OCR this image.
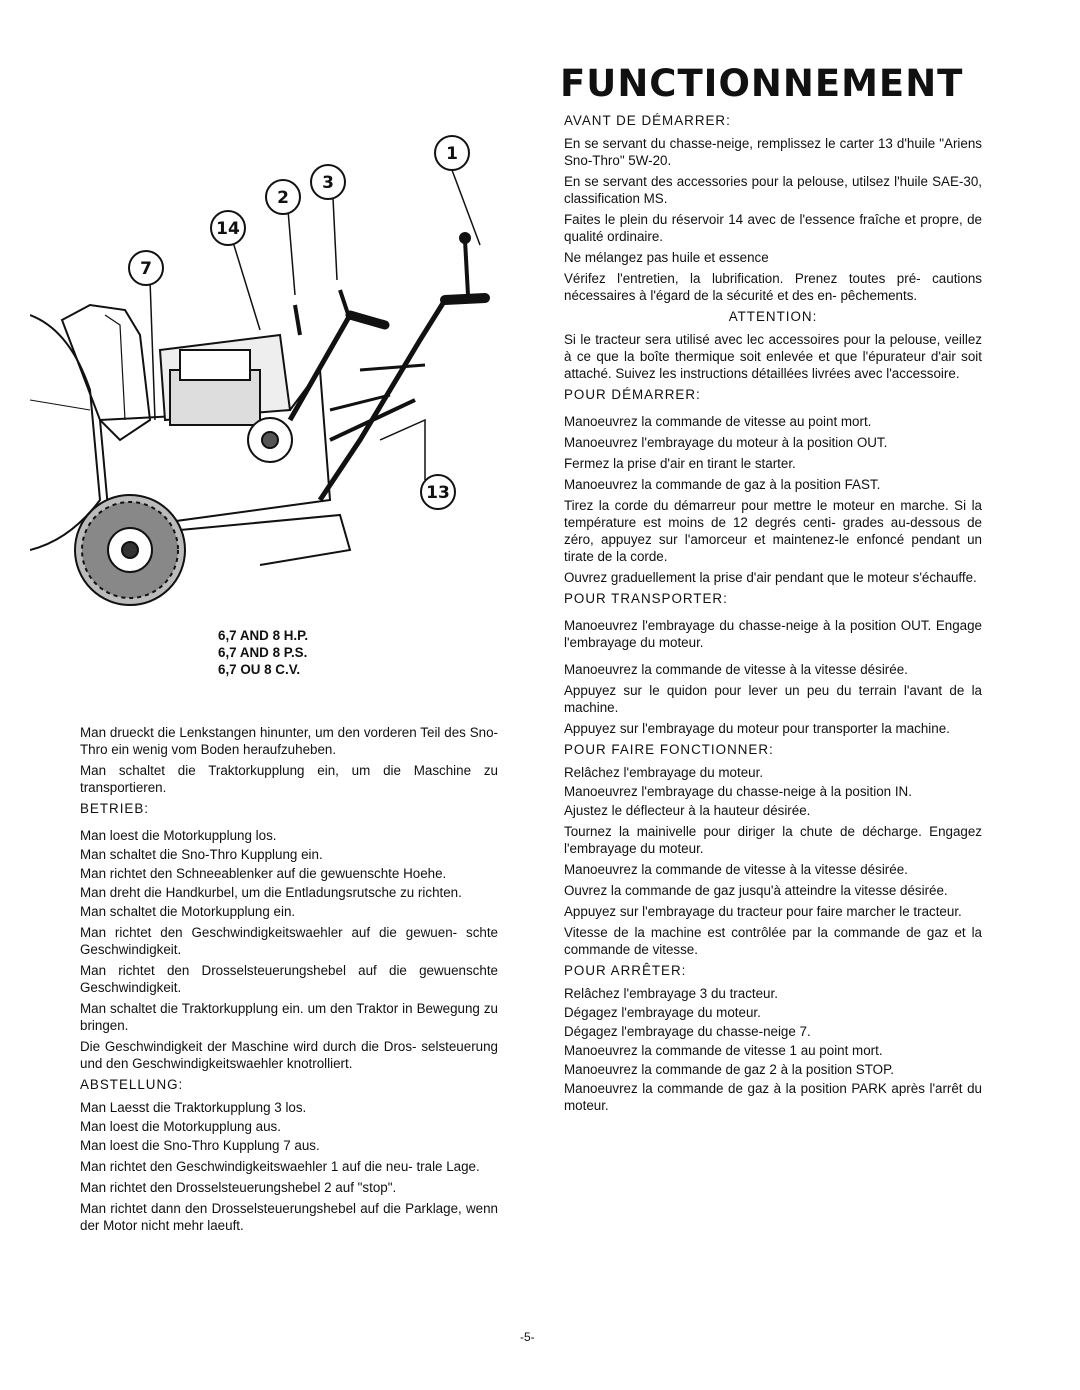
FUNCTIONNEMENT
1
2
3
14
7
13
6,7 AND 8 H.P.
6,7 AND 8 P.S.
6,7 OU 8 C.V.

Man drueckt die Lenkstangen hinunter, um den vorderen Teil des Sno-Thro ein wenig vom Boden heraufzuheben.

Man schaltet die Traktorkupplung ein, um die Maschine zu transportieren.

BETRIEB:

Man loest die Motorkupplung los.

Man schaltet die Sno-Thro Kupplung ein.

Man richtet den Schneeablenker auf die gewuenschte Hoehe.

Man dreht die Handkurbel, um die Entladungsrutsche zu richten.

Man schaltet die Motorkupplung ein.

Man richtet den Geschwindigkeitswaehler auf die gewuen- schte Geschwindigkeit.

Man richtet den Drosselsteuerungshebel auf die gewuenschte Geschwindigkeit.

Man schaltet die Traktorkupplung ein. um den Traktor in Bewegung zu bringen.

Die Geschwindigkeit der Maschine wird durch die Dros- selsteuerung und den Geschwindigkeitswaehler knotrolliert.

ABSTELLUNG:

Man Laesst die Traktorkupplung 3 los.

Man loest die Motorkupplung aus.

Man loest die Sno-Thro Kupplung 7 aus.

Man richtet den Geschwindigkeitswaehler 1 auf die neu- trale Lage.

Man richtet den Drosselsteuerungshebel 2 auf "stop".

Man richtet dann den Drosselsteuerungshebel auf die Parklage, wenn der Motor nicht mehr laeuft.

AVANT DE DÉMARRER:

En se servant du chasse-neige, remplissez le carter 13 d'huile "Ariens Sno-Thro" 5W-20.

En se servant des accessories pour la pelouse, utilsez l'huile SAE-30, classification MS.

Faites le plein du réservoir 14 avec de l'essence fraîche et propre, de qualité ordinaire.

Ne mélangez pas huile et essence

Vérifez l'entretien, la lubrification. Prenez toutes pré- cautions nécessaires à l'égard de la sécurité et des en- pêchements.

ATTENTION:

Si le tracteur sera utilisé avec lec accessoires pour la pelouse, veillez à ce que la boîte thermique soit enlevée et que l'épurateur d'air soit attaché. Suivez les instructions détaillées livrées avec l'accessoire.

POUR DÉMARRER:

Manoeuvrez la commande de vitesse au point mort.

Manoeuvrez l'embrayage du moteur à la position OUT.

Fermez la prise d'air en tirant le starter.

Manoeuvrez la commande de gaz à la position FAST.

Tirez la corde du démarreur pour mettre le moteur en marche. Si la température est moins de 12 degrés centi- grades au-dessous de zéro, appuyez sur l'amorceur et maintenez-le enfoncé pendant un tirate de la corde.

Ouvrez graduellement la prise d'air pendant que le moteur s'échauffe.

POUR TRANSPORTER:

Manoeuvrez l'embrayage du chasse-neige à la position OUT. Engage l'embrayage du moteur.

Manoeuvrez la commande de vitesse à la vitesse désirée.

Appuyez sur le quidon pour lever un peu du terrain l'avant de la machine.

Appuyez sur l'embrayage du moteur pour transporter la machine.

POUR FAIRE FONCTIONNER:

Relâchez l'embrayage du moteur.

Manoeuvrez l'embrayage du chasse-neige à la position IN.

Ajustez le déflecteur à la hauteur désirée.

Tournez la mainivelle pour diriger la chute de décharge. Engagez l'embrayage du moteur.

Manoeuvrez la commande de vitesse à la vitesse désirée.

Ouvrez la commande de gaz jusqu'à atteindre la vitesse désirée.

Appuyez sur l'embrayage du tracteur pour faire marcher le tracteur.

Vitesse de la machine est contrôlée par la commande de gaz et la commande de vitesse.

POUR ARRÊTER:

Relâchez l'embrayage 3 du tracteur.

Dégagez l'embrayage du moteur.

Dégagez l'embrayage du chasse-neige 7.

Manoeuvrez la commande de vitesse 1 au point mort.

Manoeuvrez la commande de gaz 2 à la position STOP.

Manoeuvrez la commande de gaz à la position PARK après l'arrêt du moteur.

-5-
